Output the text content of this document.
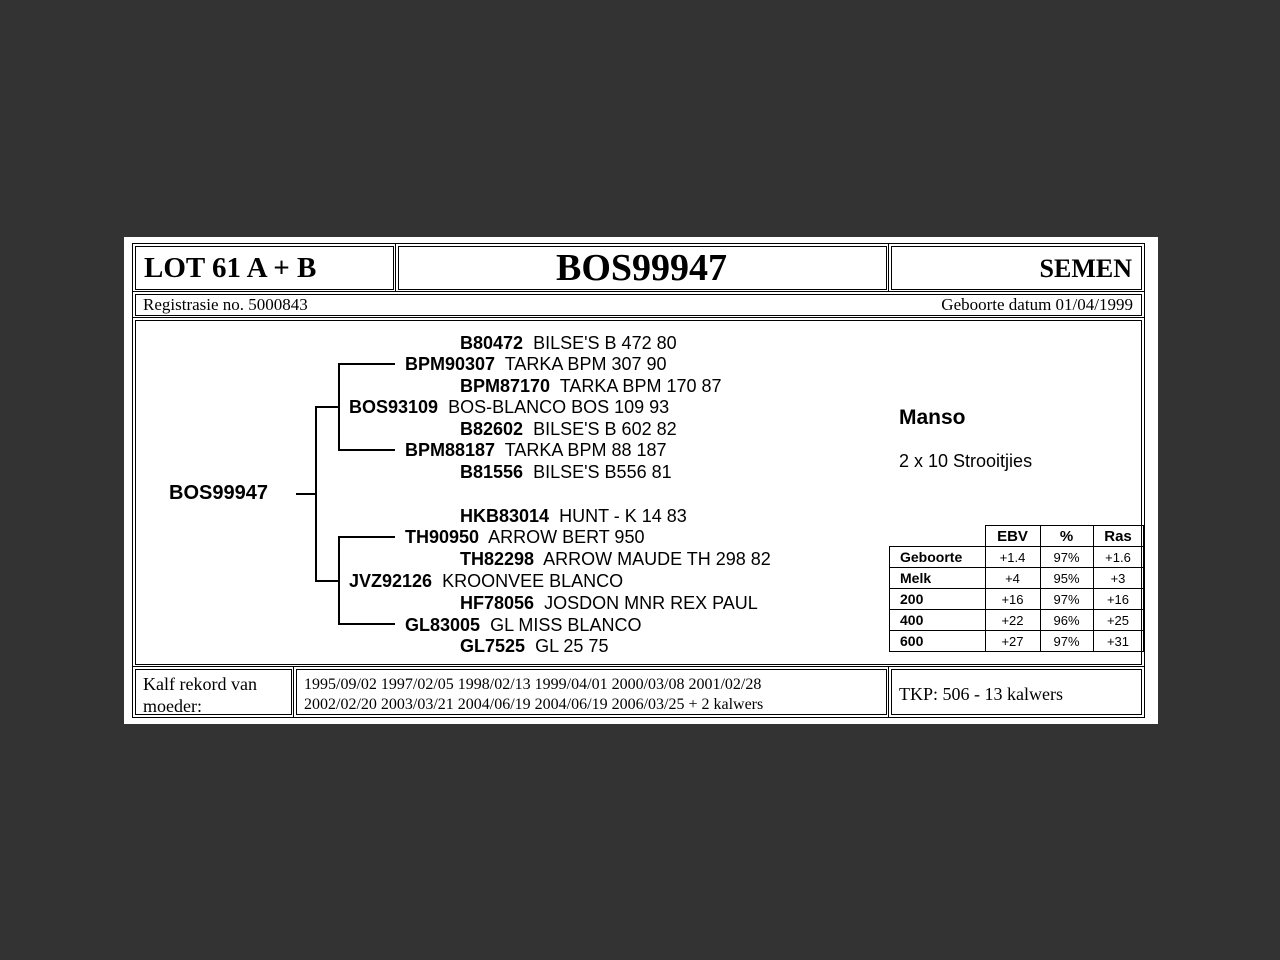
LOT 61 A + B	BOS99947	SEMEN
Registrasie no. 5000843	Geboorte datum 01/04/1999
BOS99947
B80472 BILSE'S B 472 80
BPM90307 TARKA BPM 307 90
BPM87170 TARKA BPM 170 87
BOS93109 BOS-BLANCO BOS 109 93
B82602 BILSE'S B 602 82
BPM88187 TARKA BPM 88 187
B81556 BILSE'S B556 81
HKB83014 HUNT - K 14 83
TH90950 ARROW BERT 950
TH82298 ARROW MAUDE TH 298 82
JVZ92126 KROONVEE BLANCO
HF78056 JOSDON MNR REX PAUL
GL83005 GL MISS BLANCO
GL7525 GL 25 75
Manso
2 x 10 Strooitjies
	EBV	%	Ras
Geboorte	+1.4	97%	+1.6
Melk	+4	95%	+3
200	+16	97%	+16
400	+22	96%	+25
600	+27	97%	+31
Kalf rekord van
moeder:
1995/09/02 1997/02/05 1998/02/13 1999/04/01 2000/03/08 2001/02/28
2002/02/20 2003/03/21 2004/06/19 2004/06/19 2006/03/25 + 2 kalwers
TKP: 506 - 13 kalwers
